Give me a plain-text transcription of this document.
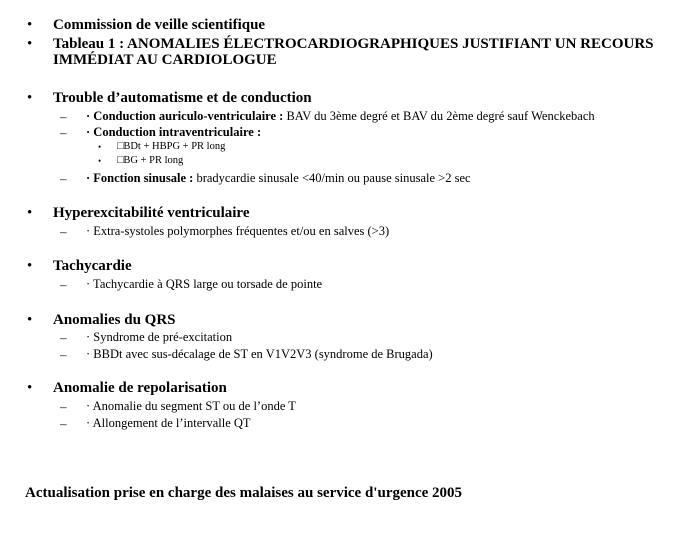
• Commission de veille scientifique
• Tableau 1 : ANOMALIES ÉLECTROCARDIOGRAPHIQUES JUSTIFIANT UN RECOURS IMMÉDIAT AU CARDIOLOGUE
• Trouble d’automatisme et de conduction
– · Conduction auriculo-ventriculaire : BAV du 3ème degré et BAV du 2ème degré sauf Wenckebach
– · Conduction intraventriculaire :
• □BDt + HBPG + PR long
• □BG + PR long
– · Fonction sinusale : bradycardie sinusale <40/min ou pause sinusale >2 sec
• Hyperexcitabilité ventriculaire
– · Extra-systoles polymorphes fréquentes et/ou en salves (>3)
• Tachycardie
– · Tachycardie à QRS large ou torsade de pointe
• Anomalies du QRS
– · Syndrome de pré-excitation
– · BBDt avec sus-décalage de ST en V1V2V3 (syndrome de Brugada)
• Anomalie de repolarisation
– · Anomalie du segment ST ou de l’onde T
– · Allongement de l’intervalle QT
Actualisation prise en charge des malaises au service d'urgence 2005
